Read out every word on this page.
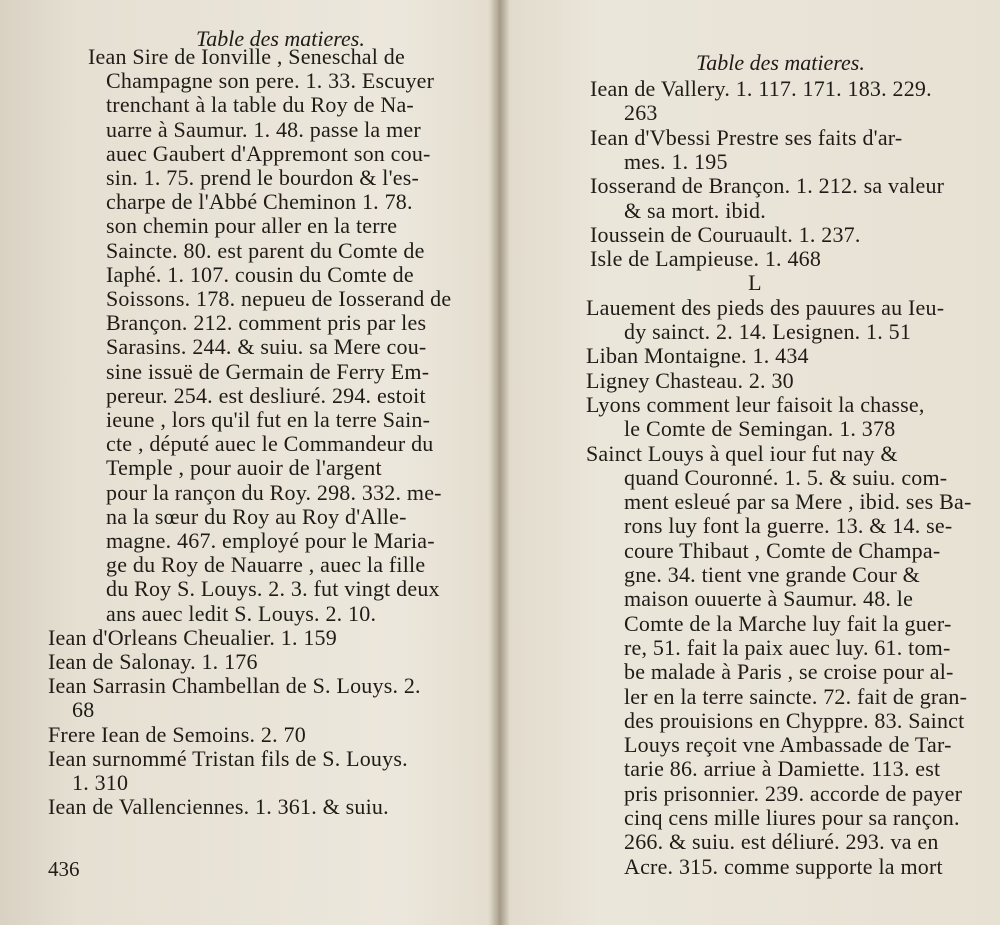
Table des matieres.
Iean Sire de Ionville , Seneschal de
Champagne son pere. 1. 33. Escuyer
trenchant à la table du Roy de Na-
uarre à Saumur. 1. 48. passe la mer
auec Gaubert d'Appremont son cou-
sin. 1. 75. prend le bourdon & l'es-
charpe de l'Abbé Cheminon 1. 78.
son chemin pour aller en la terre
Saincte. 80. est parent du Comte de
Iaphé. 1. 107. cousin du Comte de
Soissons. 178. nepueu de Iosserand de
Brançon. 212. comment pris par les
Sarasins. 244. & suiu. sa Mere cou-
sine issuë de Germain de Ferry Em-
pereur. 254. est desliuré. 294. estoit
ieune , lors qu'il fut en la terre Sain-
cte , député auec le Commandeur du
Temple , pour auoir de l'argent
pour la rançon du Roy. 298. 332. me-
na la sœur du Roy au Roy d'Alle-
magne. 467. employé pour le Maria-
ge du Roy de Nauarre , auec la fille
du Roy S. Louys. 2. 3. fut vingt deux
ans auec ledit S. Louys. 2. 10.
Iean d'Orleans Cheualier. 1. 159
Iean de Salonay. 1. 176
Iean Sarrasin Chambellan de S. Louys. 2.
68
Frere Iean de Semoins. 2. 70
Iean surnommé Tristan fils de S. Louys.
1. 310
Iean de Vallenciennes. 1. 361. & suiu.
436
Table des matieres.
Iean de Vallery. 1. 117. 171. 183. 229.
263
Iean d'Vbessi Prestre ses faits d'ar-
mes. 1. 195
Iosserand de Brançon. 1. 212. sa valeur
& sa mort. ibid.
Ioussein de Couruault. 1. 237.
Isle de Lampieuse. 1. 468
L
Lauement des pieds des pauures au Ieu-
dy sainct. 2. 14. Lesignen. 1. 51
Liban Montaigne. 1. 434
Ligney Chasteau. 2. 30
Lyons comment leur faisoit la chasse,
le Comte de Semingan. 1. 378
Sainct Louys à quel iour fut nay &
quand Couronné. 1. 5. & suiu. com-
ment esleué par sa Mere , ibid. ses Ba-
rons luy font la guerre. 13. & 14. se-
coure Thibaut , Comte de Champa-
gne. 34. tient vne grande Cour &
maison ouuerte à Saumur. 48. le
Comte de la Marche luy fait la guer-
re, 51. fait la paix auec luy. 61. tom-
be malade à Paris , se croise pour al-
ler en la terre saincte. 72. fait de gran-
des prouisions en Chyppre. 83. Sainct
Louys reçoit vne Ambassade de Tar-
tarie 86. arriue à Damiette. 113. est
pris prisonnier. 239. accorde de payer
cinq cens mille liures pour sa rançon.
266. & suiu. est déliuré. 293. va en
Acre. 315. comme supporte la mort
